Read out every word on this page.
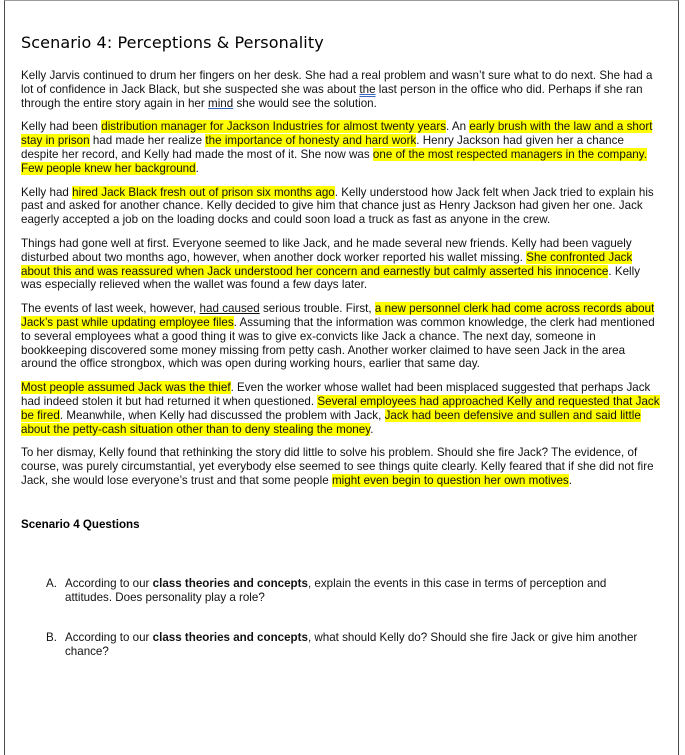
Scenario 4: Perceptions & Personality

Kelly Jarvis continued to drum her fingers on her desk. She had a real problem and wasn’t sure what to do next. She had a lot of confidence in Jack Black, but she suspected she was about the last person in the office who did. Perhaps if she ran through the entire story again in her mind she would see the solution.

Kelly had been distribution manager for Jackson Industries for almost twenty years. An early brush with the law and a short stay in prison had made her realize the importance of honesty and hard work. Henry Jackson had given her a chance despite her record, and Kelly had made the most of it. She now was one of the most respected managers in the company. Few people knew her background.

Kelly had hired Jack Black fresh out of prison six months ago. Kelly understood how Jack felt when Jack tried to explain his past and asked for another chance. Kelly decided to give him that chance just as Henry Jackson had given her one. Jack eagerly accepted a job on the loading docks and could soon load a truck as fast as anyone in the crew.

Things had gone well at first. Everyone seemed to like Jack, and he made several new friends. Kelly had been vaguely disturbed about two months ago, however, when another dock worker reported his wallet missing. She confronted Jack about this and was reassured when Jack understood her concern and earnestly but calmly asserted his innocence. Kelly was especially relieved when the wallet was found a few days later.

The events of last week, however, had caused serious trouble. First, a new personnel clerk had come across records about Jack’s past while updating employee files. Assuming that the information was common knowledge, the clerk had mentioned to several employees what a good thing it was to give ex-convicts like Jack a chance. The next day, someone in bookkeeping discovered some money missing from petty cash. Another worker claimed to have seen Jack in the area around the office strongbox, which was open during working hours, earlier that same day.

Most people assumed Jack was the thief. Even the worker whose wallet had been misplaced suggested that perhaps Jack had indeed stolen it but had returned it when questioned. Several employees had approached Kelly and requested that Jack be fired. Meanwhile, when Kelly had discussed the problem with Jack, Jack had been defensive and sullen and said little about the petty-cash situation other than to deny stealing the money.

To her dismay, Kelly found that rethinking the story did little to solve his problem. Should she fire Jack? The evidence, of course, was purely circumstantial, yet everybody else seemed to see things quite clearly. Kelly feared that if she did not fire Jack, she would lose everyone’s trust and that some people might even begin to question her own motives.

Scenario 4 Questions
A. According to our class theories and concepts, explain the events in this case in terms of perception and attitudes. Does personality play a role?
B. According to our class theories and concepts, what should Kelly do? Should she fire Jack or give him another chance?
